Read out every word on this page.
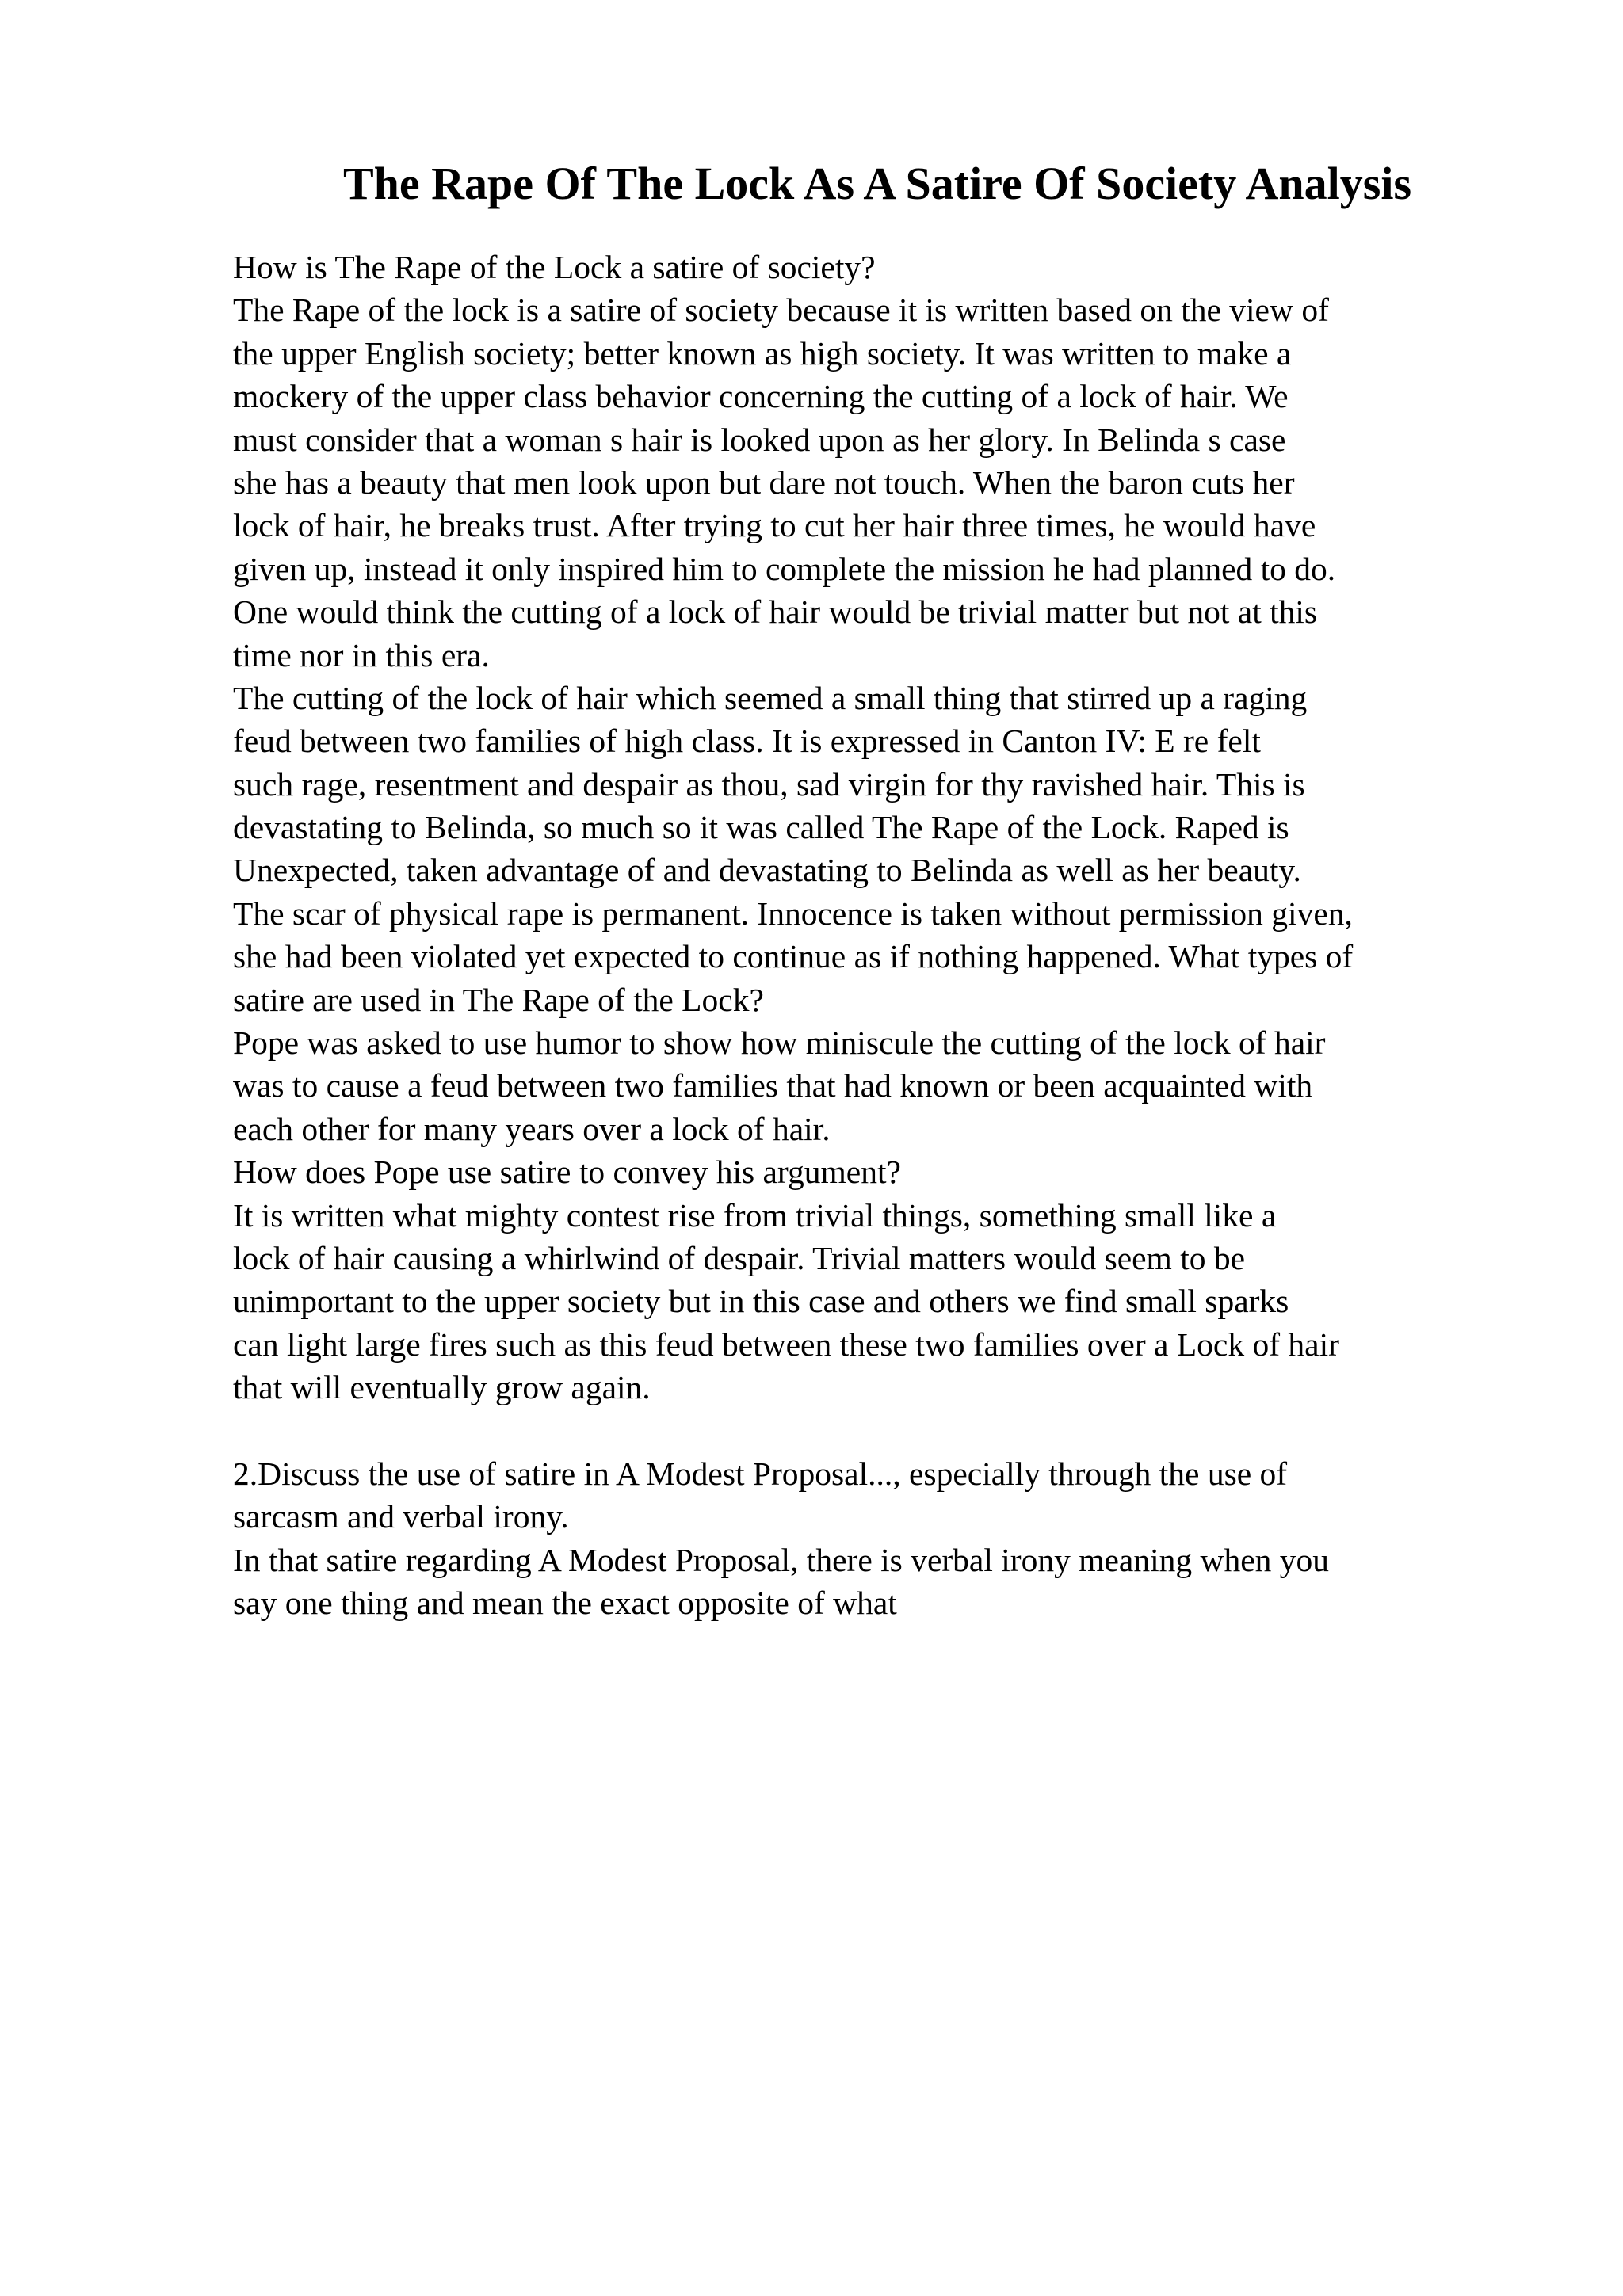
The Rape Of The Lock As A Satire Of Society Analysis
How is The Rape of the Lock a satire of society?
The Rape of the lock is a satire of society because it is written based on the view of
the upper English society; better known as high society. It was written to make a
mockery of the upper class behavior concerning the cutting of a lock of hair. We
must consider that a woman s hair is looked upon as her glory. In Belinda s case
she has a beauty that men look upon but dare not touch. When the baron cuts her
lock of hair, he breaks trust. After trying to cut her hair three times, he would have
given up, instead it only inspired him to complete the mission he had planned to do.
One would think the cutting of a lock of hair would be trivial matter but not at this
time nor in this era.
The cutting of the lock of hair which seemed a small thing that stirred up a raging
feud between two families of high class. It is expressed in Canton IV: E re felt
such rage, resentment and despair as thou, sad virgin for thy ravished hair. This is
devastating to Belinda, so much so it was called The Rape of the Lock. Raped is
Unexpected, taken advantage of and devastating to Belinda as well as her beauty.
The scar of physical rape is permanent. Innocence is taken without permission given,
she had been violated yet expected to continue as if nothing happened. What types of
satire are used in The Rape of the Lock?
Pope was asked to use humor to show how miniscule the cutting of the lock of hair
was to cause a feud between two families that had known or been acquainted with
each other for many years over a lock of hair.
How does Pope use satire to convey his argument?
It is written what mighty contest rise from trivial things, something small like a
lock of hair causing a whirlwind of despair. Trivial matters would seem to be
unimportant to the upper society but in this case and others we find small sparks
can light large fires such as this feud between these two families over a Lock of hair
that will eventually grow again.
2.Discuss the use of satire in A Modest Proposal..., especially through the use of
sarcasm and verbal irony.
In that satire regarding A Modest Proposal, there is verbal irony meaning when you
say one thing and mean the exact opposite of what
